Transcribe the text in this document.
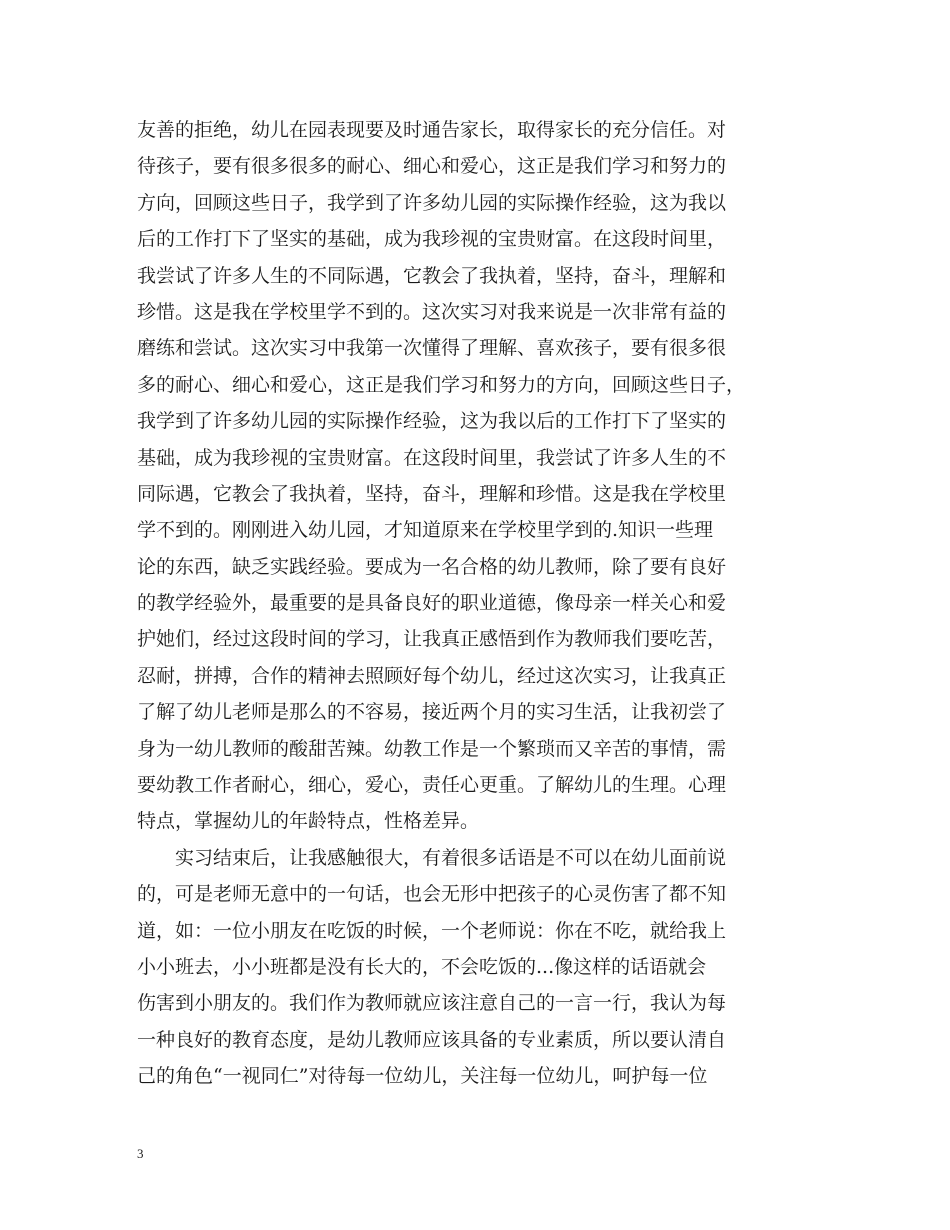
友善的拒绝，幼儿在园表现要及时通告家长，取得家长的充分信任。对
待孩子，要有很多很多的耐心、细心和爱心，这正是我们学习和努力的
方向，回顾这些日子，我学到了许多幼儿园的实际操作经验，这为我以
后的工作打下了坚实的基础，成为我珍视的宝贵财富。在这段时间里，
我尝试了许多人生的不同际遇，它教会了我执着，坚持，奋斗，理解和
珍惜。这是我在学校里学不到的。这次实习对我来说是一次非常有益的
磨练和尝试。这次实习中我第一次懂得了理解、喜欢孩子，要有很多很
多的耐心、细心和爱心，这正是我们学习和努力的方向，回顾这些日子，
我学到了许多幼儿园的实际操作经验，这为我以后的工作打下了坚实的
基础，成为我珍视的宝贵财富。在这段时间里，我尝试了许多人生的不
同际遇，它教会了我执着，坚持，奋斗，理解和珍惜。这是我在学校里
学不到的。刚刚进入幼儿园，才知道原来在学校里学到的.知识一些理
论的东西，缺乏实践经验。要成为一名合格的幼儿教师，除了要有良好
的教学经验外，最重要的是具备良好的职业道德，像母亲一样关心和爱
护她们，经过这段时间的学习，让我真正感悟到作为教师我们要吃苦，
忍耐，拼搏，合作的精神去照顾好每个幼儿，经过这次实习，让我真正
了解了幼儿老师是那么的不容易，接近两个月的实习生活，让我初尝了
身为一幼儿教师的酸甜苦辣。幼教工作是一个繁琐而又辛苦的事情，需
要幼教工作者耐心，细心，爱心，责任心更重。了解幼儿的生理。心理
特点，掌握幼儿的年龄特点，性格差异。
实习结束后，让我感触很大，有着很多话语是不可以在幼儿面前说
的，可是老师无意中的一句话，也会无形中把孩子的心灵伤害了都不知
道，如：一位小朋友在吃饭的时候，一个老师说：你在不吃，就给我上
小小班去，小小班都是没有长大的，不会吃饭的...像这样的话语就会
伤害到小朋友的。我们作为教师就应该注意自己的一言一行，我认为每
一种良好的教育态度，是幼儿教师应该具备的专业素质，所以要认清自
己的角色“一视同仁”对待每一位幼儿，关注每一位幼儿，呵护每一位
3
